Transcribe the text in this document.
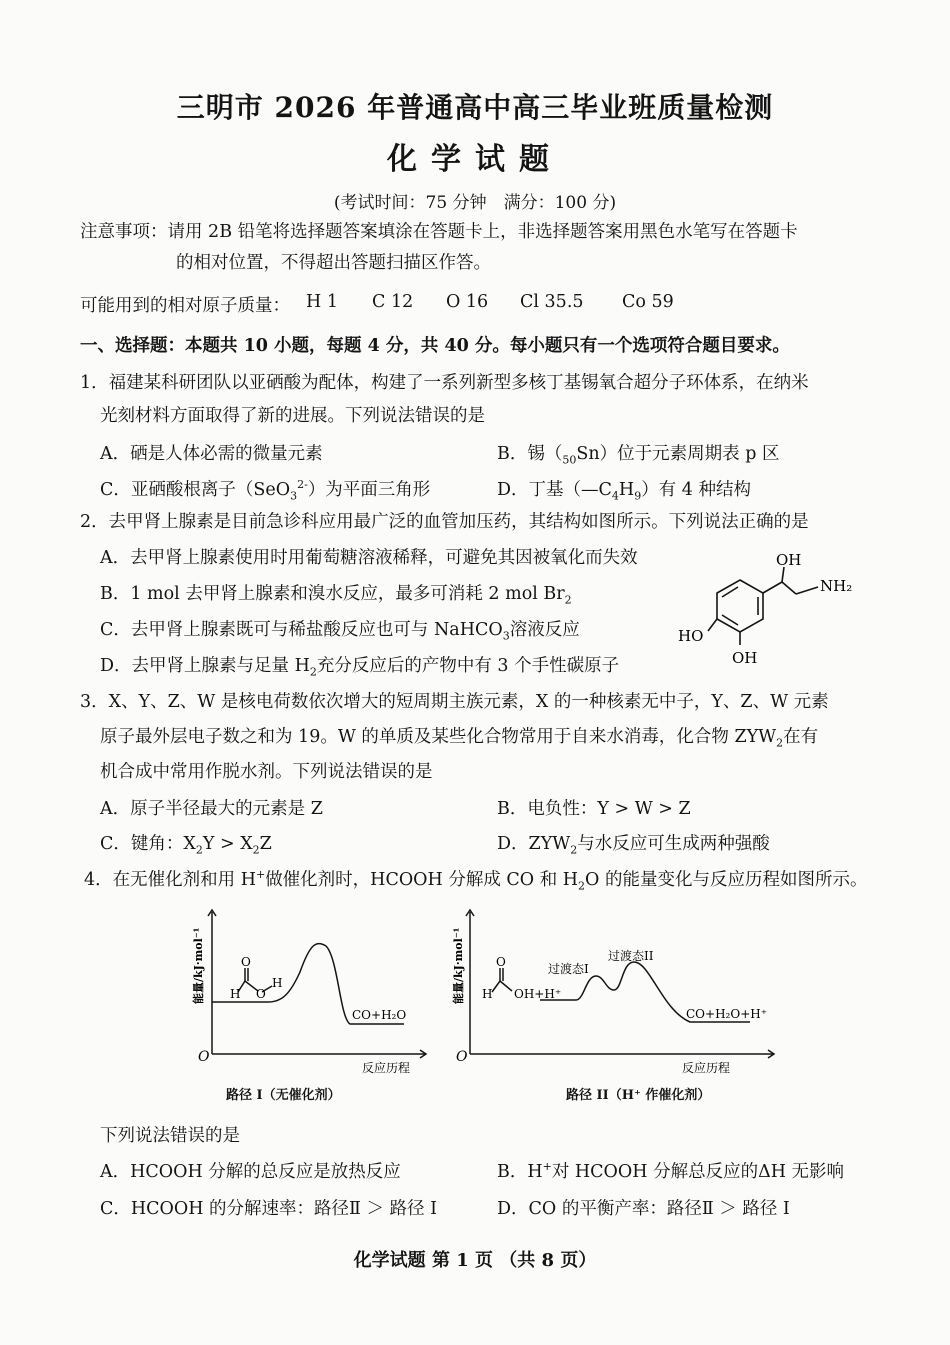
三明市 2026 年普通高中高三毕业班质量检测
化学试题
(考试时间：75 分钟　满分：100 分)
注意事项：请用 2B 铅笔将选择题答案填涂在答题卡上，非选择题答案用黑色水笔写在答题卡
的相对位置，不得超出答题扫描区作答。
可能用到的相对原子质量： H 1 C 12 O 16 Cl 35.5 Co 59
一、选择题：本题共 10 小题，每题 4 分，共 40 分。每小题只有一个选项符合题目要求。
1．福建某科研团队以亚硒酸为配体，构建了一系列新型多核丁基锡氧合超分子环体系，在纳米
光刻材料方面取得了新的进展。下列说法错误的是
A．硒是人体必需的微量元素	B．锡$(_{50}Sn)$位于元素周期表 p 区
C．亚硒酸根离子（SeO$_3^{2-}$）为平面三角形	D．丁基$(—C_4H_9)$有 4 种结构
2．去甲肾上腺素是目前急诊科应用最广泛的血管加压药，其结构如图所示。下列说法正确的是
A．去甲肾上腺素使用时用葡萄糖溶液稀释，可避免其因被氧化而失效
B．1 mol 去甲肾上腺素和溴水反应，最多可消耗 2 mol $Br_2$
C．去甲肾上腺素既可与稀盐酸反应也可与 NaHCO$_3$溶液反应
D．去甲肾上腺素与足量 $H_2$充分反应后的产物中有 3 个手性碳原子
OH
NH₂
HO
OH
3．X、Y、Z、W 是核电荷数依次增大的短周期主族元素，X 的一种核素无中子，Y、Z、W 元素
原子最外层电子数之和为 19。W 的单质及某些化合物常用于自来水消毒，化合物 $ZYW_2$在有
机合成中常用作脱水剂。下列说法错误的是
A．原子半径最大的元素是 Z	B．电负性：Y > W > Z
C．键角：$X_2Y > X_2Z$	D．$ZYW_2$与水反应可生成两种强酸
4．在无催化剂和用 H+做催化剂时，HCOOH 分解成 CO 和 $H_2O$ 的能量变化与反应历程如图所示。
能量/kJ·mol⁻¹ H
O
O
H
CO+H₂O
O
反应历程
路径 I（无催化剂）
能量/kJ·mol⁻¹ H
O
OH+H⁺
过渡态I
过渡态II
CO+H₂O+H⁺
O
反应历程
路径 II（H⁺ 作催化剂）
下列说法错误的是
A．HCOOH 分解的总反应是放热反应	B．H+对 HCOOH 分解总反应的ΔH 无影响
C．HCOOH 的分解速率：路径Ⅱ ＞ 路径 I	D．CO 的平衡产率：路径Ⅱ ＞ 路径 I
化学试题 第 1 页 （共 8 页）
